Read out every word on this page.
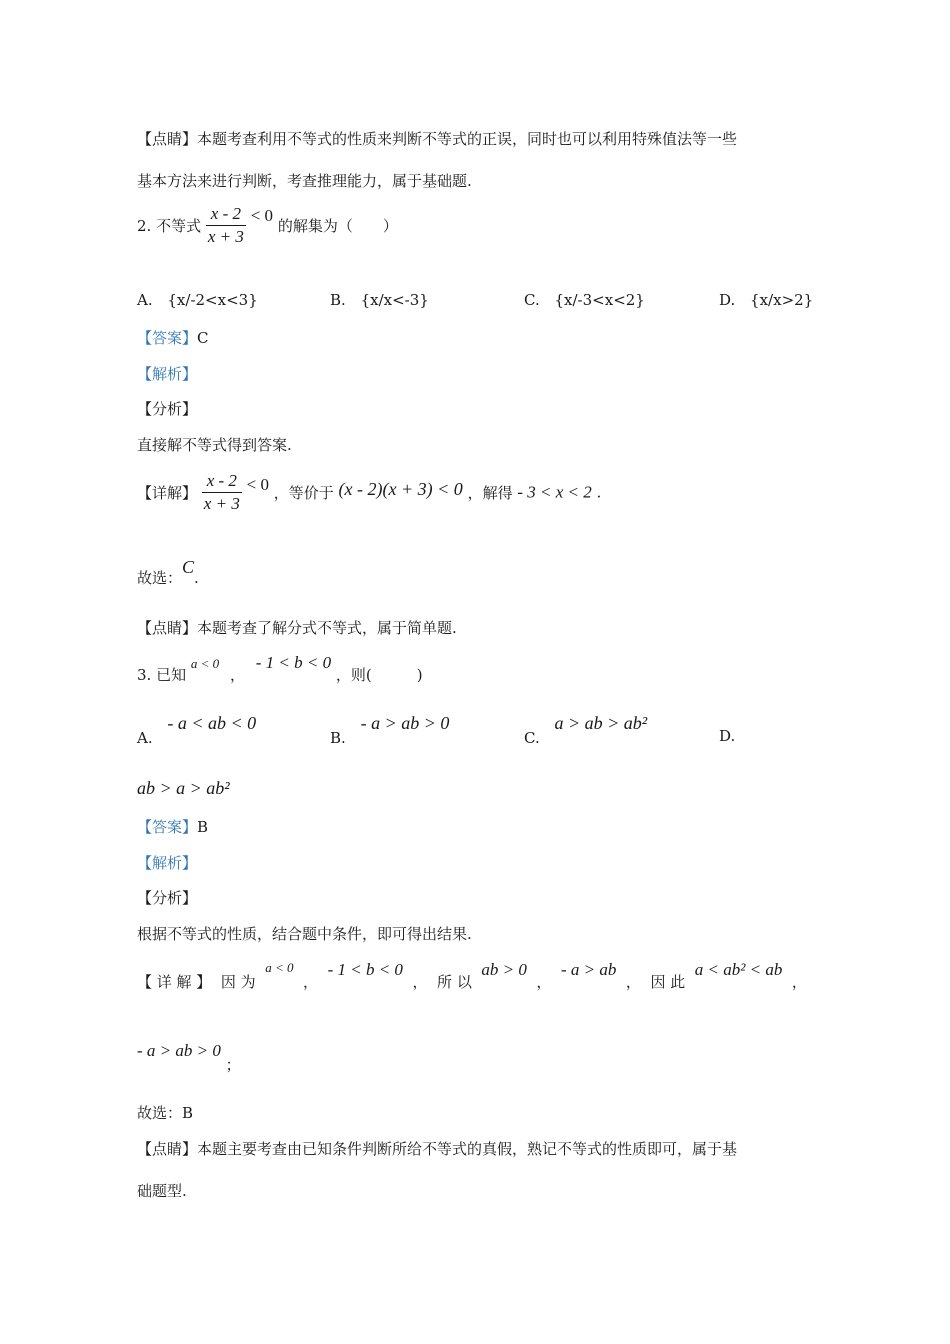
【点睛】本题考查利用不等式的性质来判断不等式的正误，同时也可以利用特殊值法等一些
基本方法来进行判断，考查推理能力，属于基础题.
2. 不等式 $\frac{x - 2}{x + 3} < 0$ 的解集为（　　）
A. {x/-2<x<3}	B. {x/x<-3}	C. {x/-3<x<2}	D. {x/x>2}
【答案】C
【解析】
【分析】
直接解不等式得到答案.
【详解】 $\frac{x - 2}{x + 3} < 0$ ，等价于 (x - 2)(x + 3) < 0 ，解得 - 3 < x < 2 .
故选：C.
【点睛】本题考查了解分式不等式，属于简单题.
3. 已知 a < 0 ， - 1 < b < 0 ，则(　　　)
A. - a < ab < 0
B. - a > ab > 0
C. a > ab > ab²
D.
ab > a > ab²
【答案】B
【解析】
【分析】
根据不等式的性质，结合题中条件，即可得出结果.
【 详 解 】 因 为
a < 0
，
- 1 < b < 0
， 所 以
ab > 0
，
- a > ab
， 因 此
a < ab² < ab
，
- a > ab > 0 ；
故选：B
【点睛】本题主要考查由已知条件判断所给不等式的真假，熟记不等式的性质即可，属于基
础题型.
